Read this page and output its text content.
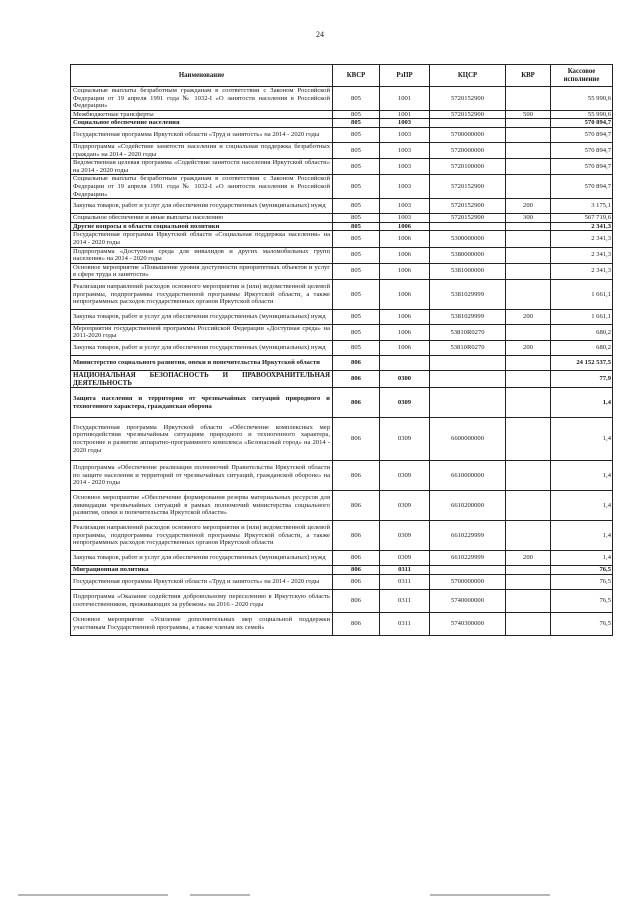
24
Наименование	КВСР	РзПР	КЦСР	КВР	Кассовое исполнение
Социальные выплаты безработным гражданам в соответствии с Законом Российской Федерации от 19 апреля 1991 года № 1032-I «О занятости населения в Российской Федерации»	805	1001	5720152900		55 990,6
Межбюджетные трансферты	805	1001	5720152900	500	55 990,6
Социальное обеспечение населения	805	1003			570 894,7
Государственная программа Иркутской области «Труд и занятость» на 2014 - 2020 годы	805	1003	5700000000		570 894,7
Подпрограмма «Содействие занятости населения и социальная поддержка безработных граждан» на 2014 - 2020 годы	805	1003	5720000000		570 894,7
Ведомственная целевая программа «Содействие занятости населения Иркутской области» на 2014 - 2020 годы	805	1003	5720100000		570 894,7
Социальные выплаты безработным гражданам в соответствии с Законом Российской Федерации от 19 апреля 1991 года № 1032-I «О занятости населения в Российской Федерации»	805	1003	5720152900		570 894,7
Закупка товаров, работ и услуг для обеспечения государственных (муниципальных) нужд	805	1003	5720152900	200	3 175,1
Социальное обеспечение и иные выплаты населению	805	1003	5720152900	300	567 719,6
Другие вопросы в области социальной политики	805	1006			2 341,3
Государственная программа Иркутской области «Социальная поддержка населения» на 2014 - 2020 годы	805	1006	5300000000		2 341,3
Подпрограмма «Доступная среда для инвалидов и других маломобильных групп населения» на 2014 - 2020 годы	805	1006	5380000000		2 341,3
Основное мероприятие «Повышение уровня доступности приоритетных объектов и услуг в сфере труда и занятости»	805	1006	5381000000		2 341,3
Реализация направлений расходов основного мероприятия и (или) ведомственной целевой программы, подпрограммы государственной программы Иркутской области, а также непрограммных расходов государственных органов Иркутской области	805	1006	5381029999		1 661,1
Закупка товаров, работ и услуг для обеспечения государственных (муниципальных) нужд	805	1006	5381029999	200	1 661,1
Мероприятия государственной программы Российской Федерации «Доступная среда» на 2011-2020 годы	805	1006	53810R0270		680,2
Закупка товаров, работ и услуг для обеспечения государственных (муниципальных) нужд	805	1006	53810R0270	200	680,2
Министерство социального развития, опеки и попечительства Иркутской области	806				24 152 537,5
НАЦИОНАЛЬНАЯ БЕЗОПАСНОСТЬ И ПРАВООХРАНИТЕЛЬНАЯ ДЕЯТЕЛЬНОСТЬ	806	0300			77,9
Защита населения и территории от чрезвычайных ситуаций природного и техногенного характера, гражданская оборона	806	0309			1,4
Государственная программа Иркутской области «Обеспечение комплексных мер противодействия чрезвычайным ситуациям природного и техногенного характера, построение и развитие аппаратно-программного комплекса «Безопасный город» на 2014 - 2020 годы	806	0309	6600000000		1,4
Подпрограмма «Обеспечение реализации полномочий Правительства Иркутской области по защите населения и территорий от чрезвычайных ситуаций, гражданской обороне» на 2014 - 2020 годы	806	0309	6610000000		1,4
Основное мероприятие «Обеспечение формирования резерва материальных ресурсов для ликвидации чрезвычайных ситуаций в рамках полномочий министерства социального развития, опеки и попечительства Иркутской области»	806	0309	6610200000		1,4
Реализация направлений расходов основного мероприятия и (или) ведомственной целевой программы, подпрограммы государственной программы Иркутской области, а также непрограммных расходов государственных органов Иркутской области	806	0309	6610229999		1,4
Закупка товаров, работ и услуг для обеспечения государственных (муниципальных) нужд	806	0309	6610229999	200	1,4
Миграционная политика	806	0311			76,5
Государственная программа Иркутской области «Труд и занятость» на 2014 - 2020 годы	806	0311	5700000000		76,5
Подпрограмма «Оказание содействия добровольному переселению в Иркутскую область соотечественников, проживающих за рубежом» на 2016 - 2020 годы	806	0311	5740000000		76,5
Основное мероприятие «Усиление дополнительных мер социальной поддержки участникам Государственной программы, а также членам их семей»	806	0311	5740300000		76,5
